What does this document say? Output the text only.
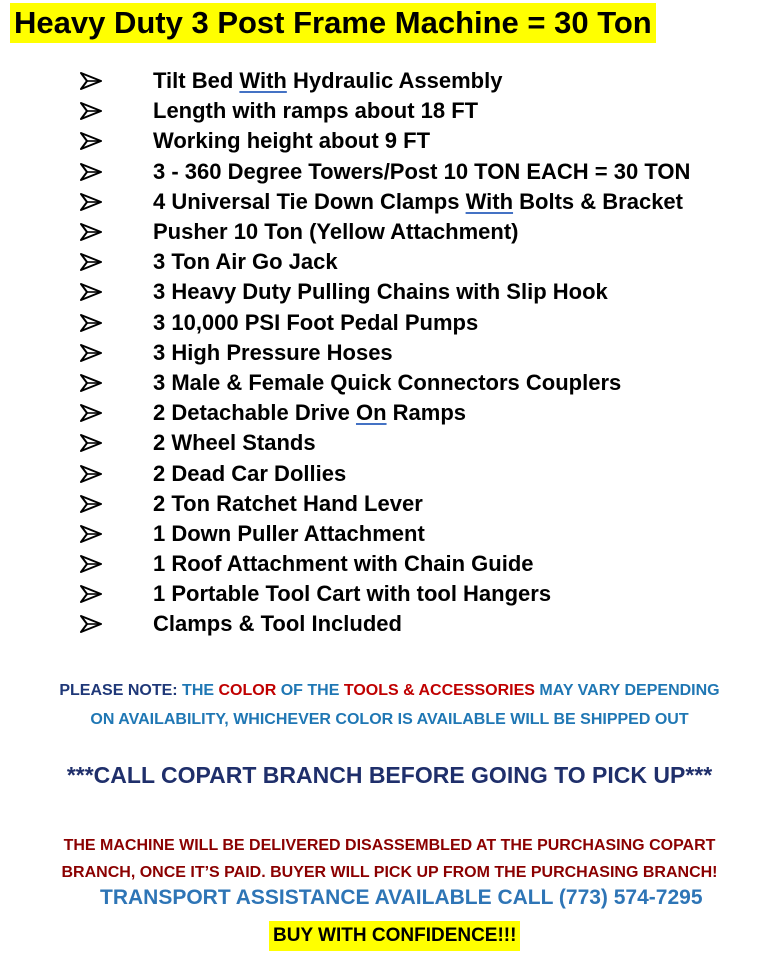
Heavy Duty 3 Post Frame Machine = 30 Ton
Tilt Bed With Hydraulic Assembly
Length with ramps about 18 FT
Working height about 9 FT
3 - 360 Degree Towers/Post 10 TON EACH = 30 TON
4 Universal Tie Down Clamps With Bolts & Bracket
Pusher 10 Ton (Yellow Attachment)
3 Ton Air Go Jack
3 Heavy Duty Pulling Chains with Slip Hook
3 10,000 PSI Foot Pedal Pumps
3 High Pressure Hoses
3 Male & Female Quick Connectors Couplers
2 Detachable Drive On Ramps
2 Wheel Stands
2 Dead Car Dollies
2 Ton Ratchet Hand Lever
1 Down Puller Attachment
1 Roof Attachment with Chain Guide
1 Portable Tool Cart with tool Hangers
Clamps & Tool Included
PLEASE NOTE: THE COLOR OF THE TOOLS & ACCESSORIES MAY VARY DEPENDING
ON AVAILABILITY, WHICHEVER COLOR IS AVAILABLE WILL BE SHIPPED OUT
***CALL COPART BRANCH BEFORE GOING TO PICK UP***
THE MACHINE WILL BE DELIVERED DISASSEMBLED AT THE PURCHASING COPART
BRANCH, ONCE IT’S PAID. BUYER WILL PICK UP FROM THE PURCHASING BRANCH!
TRANSPORT ASSISTANCE AVAILABLE CALL (773) 574-7295
BUY WITH CONFIDENCE!!!
